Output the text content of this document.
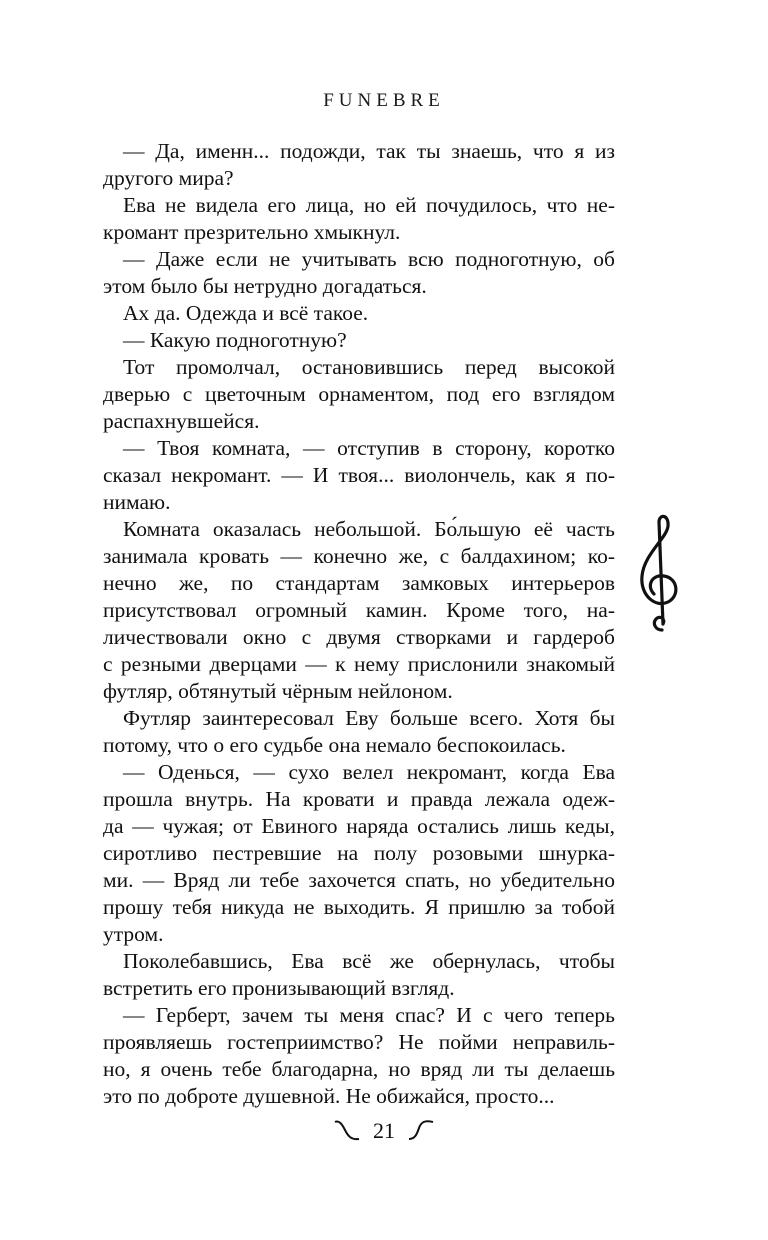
FUNEBRE
— Да, именн... подожди, так ты знаешь, что я из
другого мира?
Ева не видела его лица, но ей почудилось, что не-
кромант презрительно хмыкнул.
— Даже если не учитывать всю подноготную, об
этом было бы нетрудно догадаться.
Ах да. Одежда и всё такое.
— Какую подноготную?
Тот промолчал, остановившись перед высокой
дверью с цветочным орнаментом, под его взглядом
распахнувшейся.
— Твоя комната, — отступив в сторону, коротко
сказал некромант. — И твоя... виолончель, как я по-
нимаю.
Комната оказалась небольшой. Бо́льшую её часть
занимала кровать — конечно же, с балдахином; ко-
нечно же, по стандартам замковых интерьеров
присутствовал огромный камин. Кроме того, на-
личествовали окно с двумя створками и гардероб
с резными дверцами — к нему прислонили знакомый
футляр, обтянутый чёрным нейлоном.
Футляр заинтересовал Еву больше всего. Хотя бы
потому, что о его судьбе она немало беспокоилась.
— Оденься, — сухо велел некромант, когда Ева
прошла внутрь. На кровати и правда лежала одеж-
да — чужая; от Евиного наряда остались лишь кеды,
сиротливо пестревшие на полу розовыми шнурка-
ми. — Вряд ли тебе захочется спать, но убедительно
прошу тебя никуда не выходить. Я пришлю за тобой
утром.
Поколебавшись, Ева всё же обернулась, чтобы
встретить его пронизывающий взгляд.
— Герберт, зачем ты меня спас? И с чего теперь
проявляешь гостеприимство? Не пойми неправиль-
но, я очень тебе благодарна, но вряд ли ты делаешь
это по доброте душевной. Не обижайся, просто...
21
